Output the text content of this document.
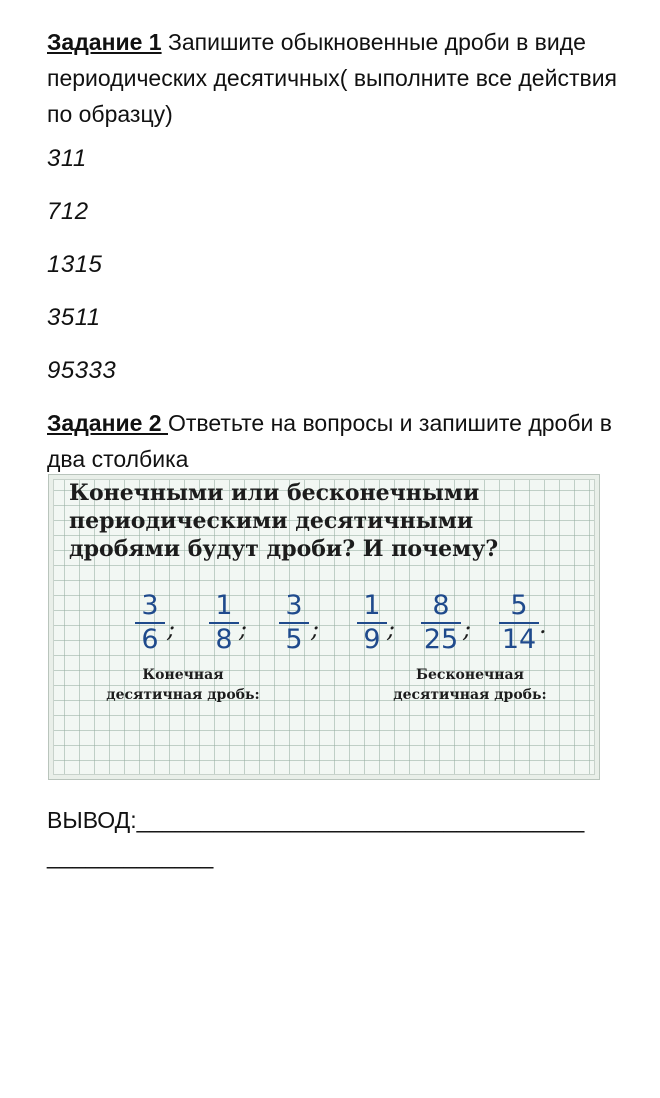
Задание 1 Запишите обыкновенные дроби в виде периодических десятичных( выполните все действия по образцу)
311
712
1315
3511
95333
Задание 2 Ответьте на вопросы и запишите дроби в два столбика
Конечными или бесконечными
периодическими десятичными
дробями будут дроби? И почему?
3
6 ;
1
8 ;
3
5 ;
1
9 ;
8
25 ;
5
14 .
Конечная
десятичная дробь:
Бесконечная
десятичная дробь:
ВЫВОД:___________________________________
_____________
